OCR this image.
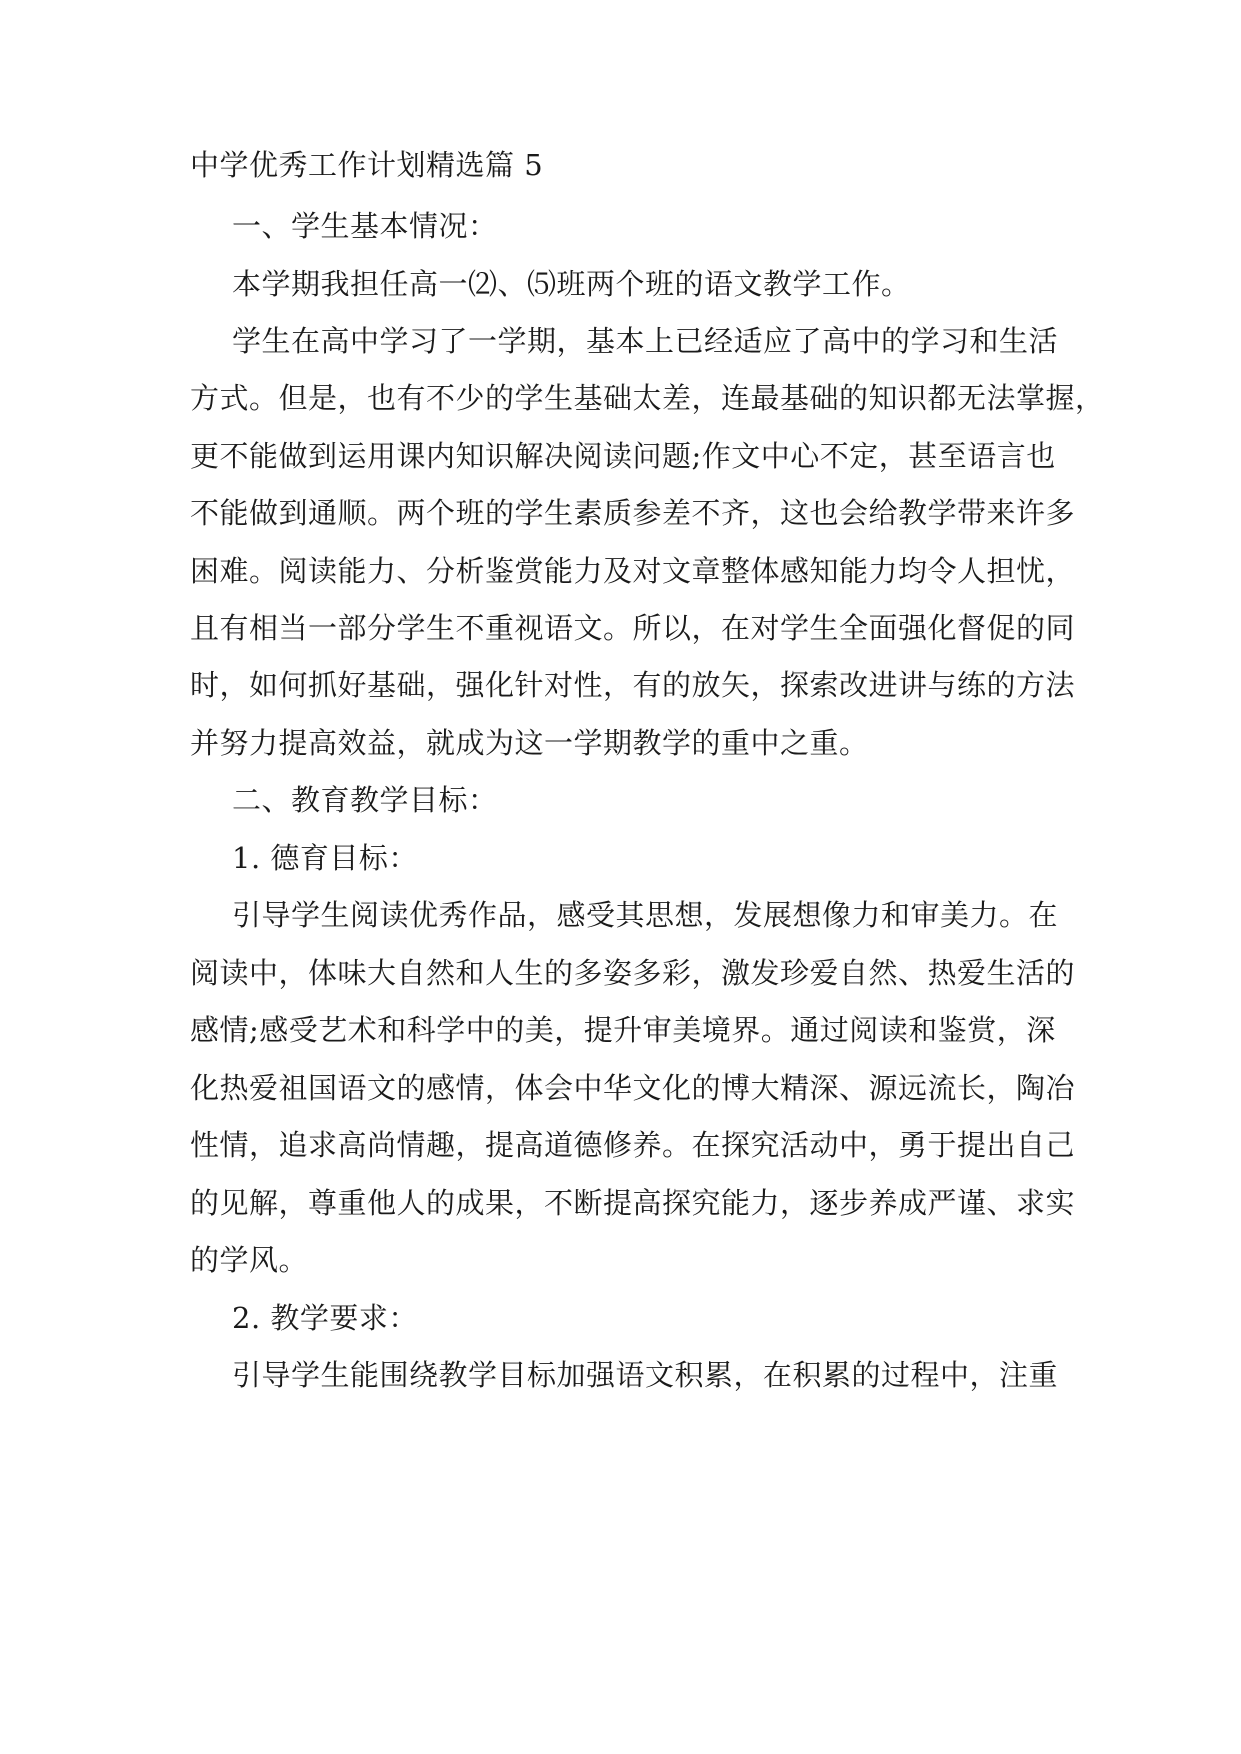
中学优秀工作计划精选篇 5

一、学生基本情况：

本学期我担任高一⑵、⑸班两个班的语文教学工作。

学生在高中学习了一学期，基本上已经适应了高中的学习和生活

方式。但是，也有不少的学生基础太差，连最基础的知识都无法掌握，

更不能做到运用课内知识解决阅读问题;作文中心不定，甚至语言也

不能做到通顺。两个班的学生素质参差不齐，这也会给教学带来许多

困难。阅读能力、分析鉴赏能力及对文章整体感知能力均令人担忧，

且有相当一部分学生不重视语文。所以，在对学生全面强化督促的同

时，如何抓好基础，强化针对性，有的放矢，探索改进讲与练的方法

并努力提高效益，就成为这一学期教学的重中之重。

二、教育教学目标：

1. 德育目标：

引导学生阅读优秀作品，感受其思想，发展想像力和审美力。在

阅读中，体味大自然和人生的多姿多彩，激发珍爱自然、热爱生活的

感情;感受艺术和科学中的美，提升审美境界。通过阅读和鉴赏，深

化热爱祖国语文的感情，体会中华文化的博大精深、源远流长，陶冶

性情，追求高尚情趣，提高道德修养。在探究活动中，勇于提出自己

的见解，尊重他人的成果，不断提高探究能力，逐步养成严谨、求实

的学风。

2. 教学要求：

引导学生能围绕教学目标加强语文积累，在积累的过程中，注重
